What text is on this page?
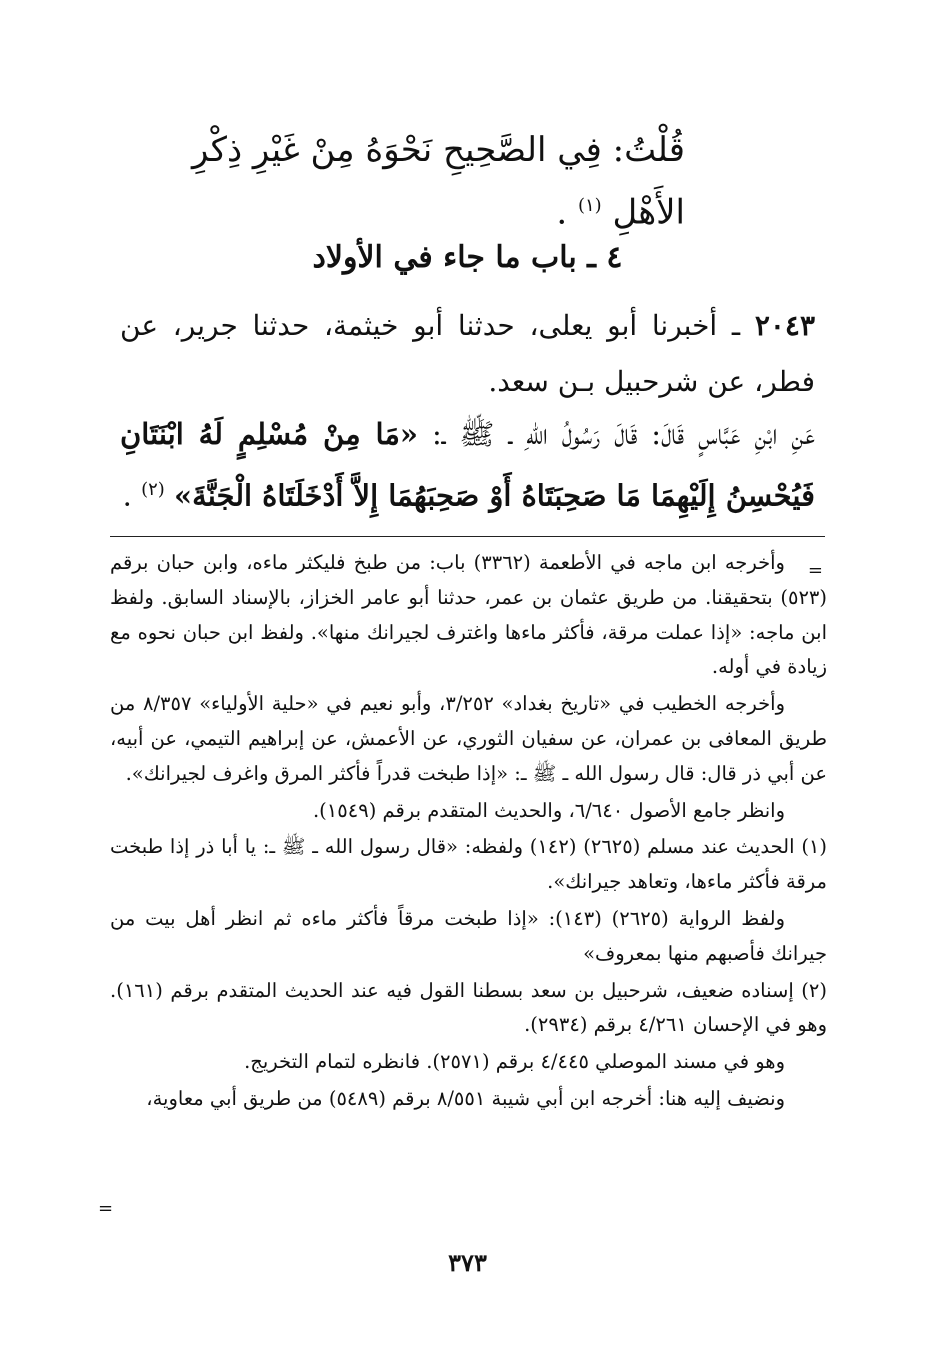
قُلْتُ: فِي الصَّحِيحِ نَحْوَهُ مِنْ غَيْرِ ذِكْرِ الأَهْلِ $^{(١)}$ .
٤ ـ باب ما جاء في الأولاد
٢٠٤٣ ـ أخبرنا أبو يعلى، حدثنا أبو خيثمة، حدثنا جرير، عن فطر، عن شرحبيل بـن سعد.
عَنِ ابْنِ عَبَّاسٍ قَالَ: قَالَ رَسُولُ اللهِ ـ ﷺ ـ: «مَا مِنْ مُسْلِمٍ لَهُ ابْنَتَانِ فَيُحْسِنُ إِلَيْهِمَا مَا صَحِبَتَاهُ أَوْ صَحِبَهُمَا إِلاَّ أَدْخَلَتَاهُ الْجَنَّةَ» $^{(٢)}$ .
=

وأخرجه ابن ماجه في الأطعمة (٣٣٦٢) باب: من طبخ فليكثر ماءه، وابن حبان برقم (٥٢٣) بتحقيقنا. من طريق عثمان بن عمر، حدثنا أبو عامر الخزاز، بالإسناد السابق. ولفظ ابن ماجه: «إذا عملت مرقة، فأكثر ماءها واغترف لجيرانك منها». ولفظ ابن حبان نحوه مع زيادة في أوله.

وأخرجه الخطيب في «تاريخ بغداد» ٣/٢٥٢، وأبو نعيم في «حلية الأولياء» ٨/٣٥٧ من طريق المعافى بن عمران، عن سفيان الثوري، عن الأعمش، عن إبراهيم التيمي، عن أبيه، عن أبي ذر قال: قال رسول الله ـ ﷺ ـ: «إذا طبخت قدراً فأكثر المرق واغرف لجيرانك».

وانظر جامع الأصول ٦/٦٤٠، والحديث المتقدم برقم (١٥٤٩).

(١) الحديث عند مسلم (٢٦٢٥) (١٤٢) ولفظه: «قال رسول الله ـ ﷺ ـ: يا أبا ذر إذا طبخت مرقة فأكثر ماءها، وتعاهد جيرانك».

ولفظ الرواية (٢٦٢٥) (١٤٣): «إذا طبخت مرقاً فأكثر ماءه ثم انظر أهل بيت من جيرانك فأصبهم منها بمعروف»

(٢) إسناده ضعيف، شرحبيل بن سعد بسطنا القول فيه عند الحديث المتقدم برقم (١٦١). وهو في الإحسان ٤/٢٦١ برقم (٢٩٣٤).

وهو في مسند الموصلي ٤/٤٤٥ برقم (٢٥٧١). فانظره لتمام التخريج.

ونضيف إليه هنا: أخرجه ابن أبي شيبة ٨/٥٥١ برقم (٥٤٨٩) من طريق أبي معاوية،

=
٣٧٣
